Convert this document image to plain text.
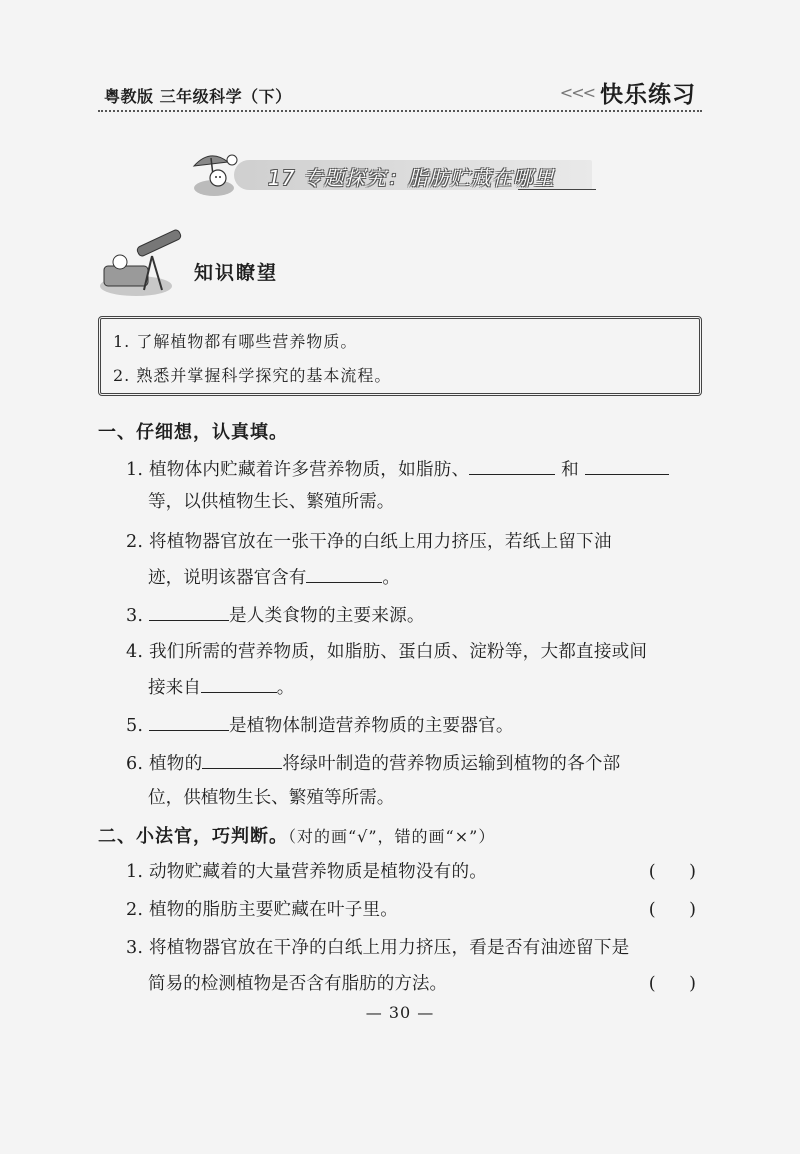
粤教版 三年级科学（下）	<<< 快乐练习
17 专题探究：脂肪贮藏在哪里
知识瞭望
1. 了解植物都有哪些营养物质。
2. 熟悉并掌握科学探究的基本流程。
一、仔细想，认真填。
1. 植物体内贮藏着许多营养物质，如脂肪、	和
等，以供植物生长、繁殖所需。
2. 将植物器官放在一张干净的白纸上用力挤压，若纸上留下油
迹，说明该器官含有	。
3.	是人类食物的主要来源。
4. 我们所需的营养物质，如脂肪、蛋白质、淀粉等，大都直接或间
接来自	。
5.	是植物体制造营养物质的主要器官。
6. 植物的	将绿叶制造的营养物质运输到植物的各个部
位，供植物生长、繁殖等所需。
二、小法官，巧判断。（对的画“√”，错的画“×”）
1. 动物贮藏着的大量营养物质是植物没有的。	(      )
2. 植物的脂肪主要贮藏在叶子里。	(      )
3. 将植物器官放在干净的白纸上用力挤压，看是否有油迹留下是
简易的检测植物是否含有脂肪的方法。	(      )
— 30 —
